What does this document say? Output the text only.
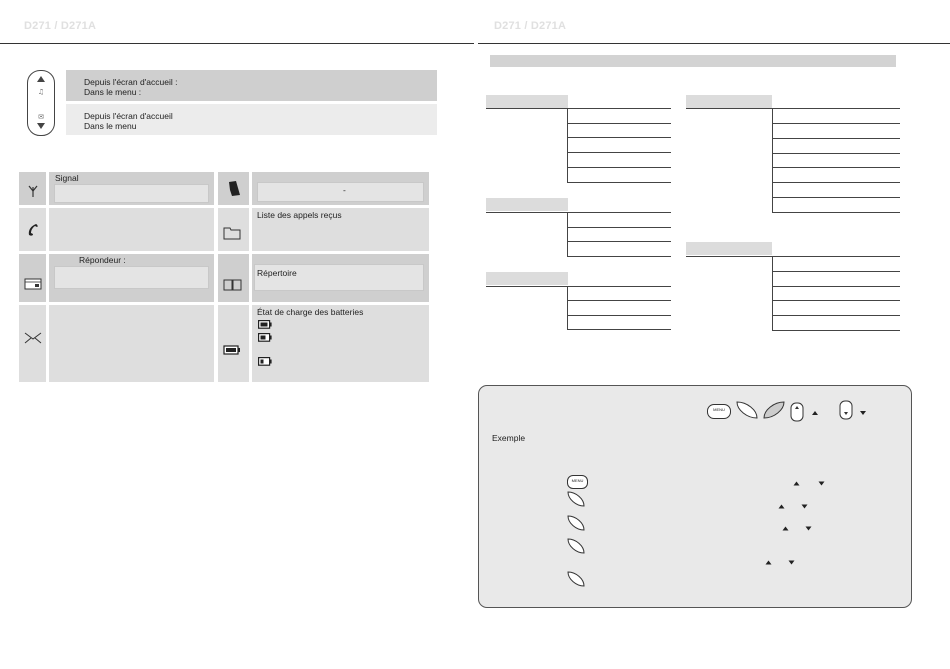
D271 / D271A	D271 / D271A
♫
✉
Depuis l'écran d'accueil :
Dans le menu :
Depuis l'écran d'accueil
Dans le menu
Signal
-
Liste des appels reçus
Répondeur :
Répertoire
État de charge des batteries
Exemple
MENU
MENU
